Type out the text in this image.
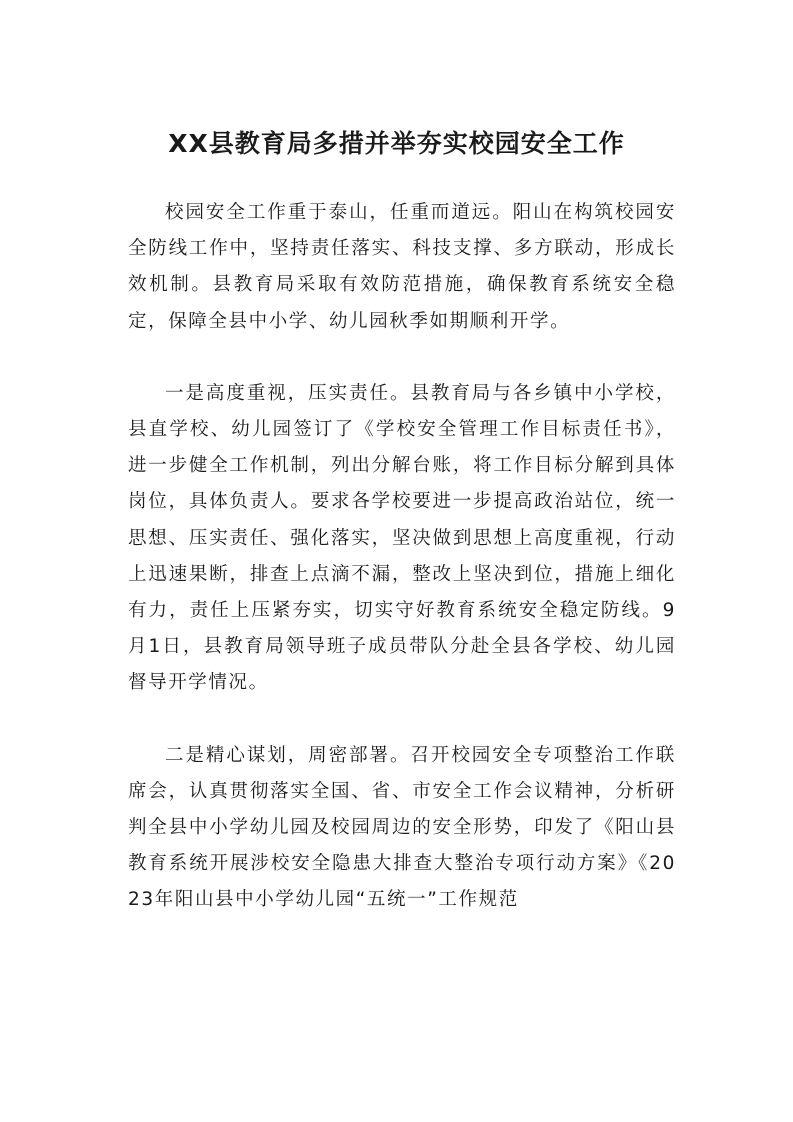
XX县教育局多措并举夯实校园安全工作

校园安全工作重于泰山，任重而道远。阳山在构筑校园安全防线工作中，坚持责任落实、科技支撑、多方联动，形成长效机制。县教育局采取有效防范措施，确保教育系统安全稳定，保障全县中小学、幼儿园秋季如期顺利开学。

一是高度重视，压实责任。县教育局与各乡镇中小学校，县直学校、幼儿园签订了《学校安全管理工作目标责任书》，进一步健全工作机制，列出分解台账，将工作目标分解到具体岗位，具体负责人。要求各学校要进一步提高政治站位，统一思想、压实责任、强化落实，坚决做到思想上高度重视，行动上迅速果断，排查上点滴不漏，整改上坚决到位，措施上细化有力，责任上压紧夯实，切实守好教育系统安全稳定防线。9月1日，县教育局领导班子成员带队分赴全县各学校、幼儿园督导开学情况。

二是精心谋划，周密部署。召开校园安全专项整治工作联席会，认真贯彻落实全国、省、市安全工作会议精神，分析研判全县中小学幼儿园及校园周边的安全形势，印发了《阳山县教育系统开展涉校安全隐患大排查大整治专项行动方案》《2023年阳山县中小学幼儿园“五统一”工作规范
